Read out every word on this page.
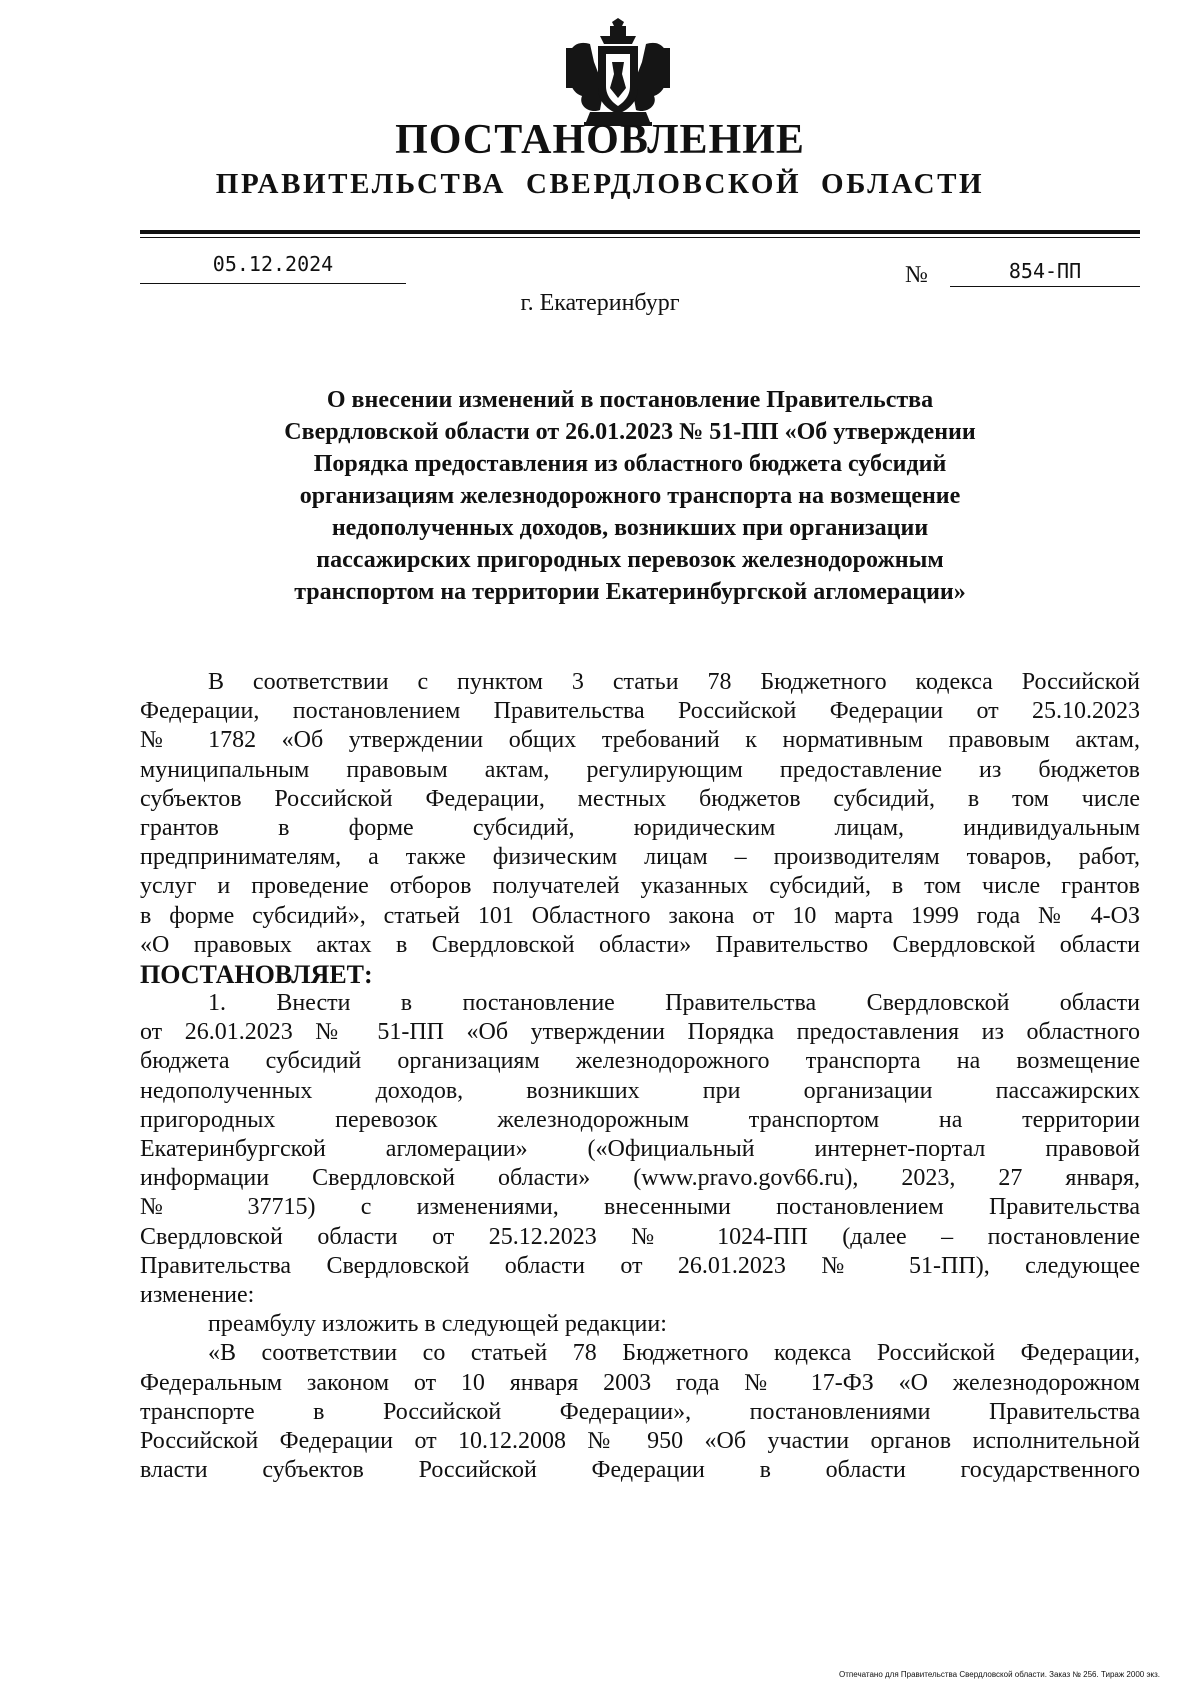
ПОСТАНОВЛЕНИЕ
ПРАВИТЕЛЬСТВА СВЕРДЛОВСКОЙ ОБЛАСТИ
05.12.2024	№	854-ПП
г. Екатеринбург
О внесении изменений в постановление Правительства
Свердловской области от 26.01.2023 № 51-ПП «Об утверждении
Порядка предоставления из областного бюджета субсидий
организациям железнодорожного транспорта на возмещение
недополученных доходов, возникших при организации
пассажирских пригородных перевозок железнодорожным
транспортом на территории Екатеринбургской агломерации»
В соответствии с пунктом 3 статьи 78 Бюджетного кодекса Российской
Федерации, постановлением Правительства Российской Федерации от 25.10.2023
№ 1782 «Об утверждении общих требований к нормативным правовым актам,
муниципальным правовым актам, регулирующим предоставление из бюджетов
субъектов Российской Федерации, местных бюджетов субсидий, в том числе
грантов в форме субсидий, юридическим лицам, индивидуальным
предпринимателям, а также физическим лицам – производителям товаров, работ,
услуг и проведение отборов получателей указанных субсидий, в том числе грантов
в форме субсидий», статьей 101 Областного закона от 10 марта 1999 года № 4-ОЗ
«О правовых актах в Свердловской области» Правительство Свердловской области
ПОСТАНОВЛЯЕТ:
1. Внести в постановление Правительства Свердловской области
от 26.01.2023 № 51-ПП «Об утверждении Порядка предоставления из областного
бюджета субсидий организациям железнодорожного транспорта на возмещение
недополученных доходов, возникших при организации пассажирских
пригородных перевозок железнодорожным транспортом на территории
Екатеринбургской агломерации» («Официальный интернет-портал правовой
информации Свердловской области» (www.pravo.gov66.ru), 2023, 27 января,
№ 37715) с изменениями, внесенными постановлением Правительства
Свердловской области от 25.12.2023 № 1024-ПП (далее – постановление
Правительства Свердловской области от 26.01.2023 № 51-ПП), следующее
изменение:
преамбулу изложить в следующей редакции:
«В соответствии со статьей 78 Бюджетного кодекса Российской Федерации,
Федеральным законом от 10 января 2003 года № 17-ФЗ «О железнодорожном
транспорте в Российской Федерации», постановлениями Правительства
Российской Федерации от 10.12.2008 № 950 «Об участии органов исполнительной
власти субъектов Российской Федерации в области государственного
Отпечатано для Правительства Свердловской области. Заказ № 256. Тираж 2000 экз.
